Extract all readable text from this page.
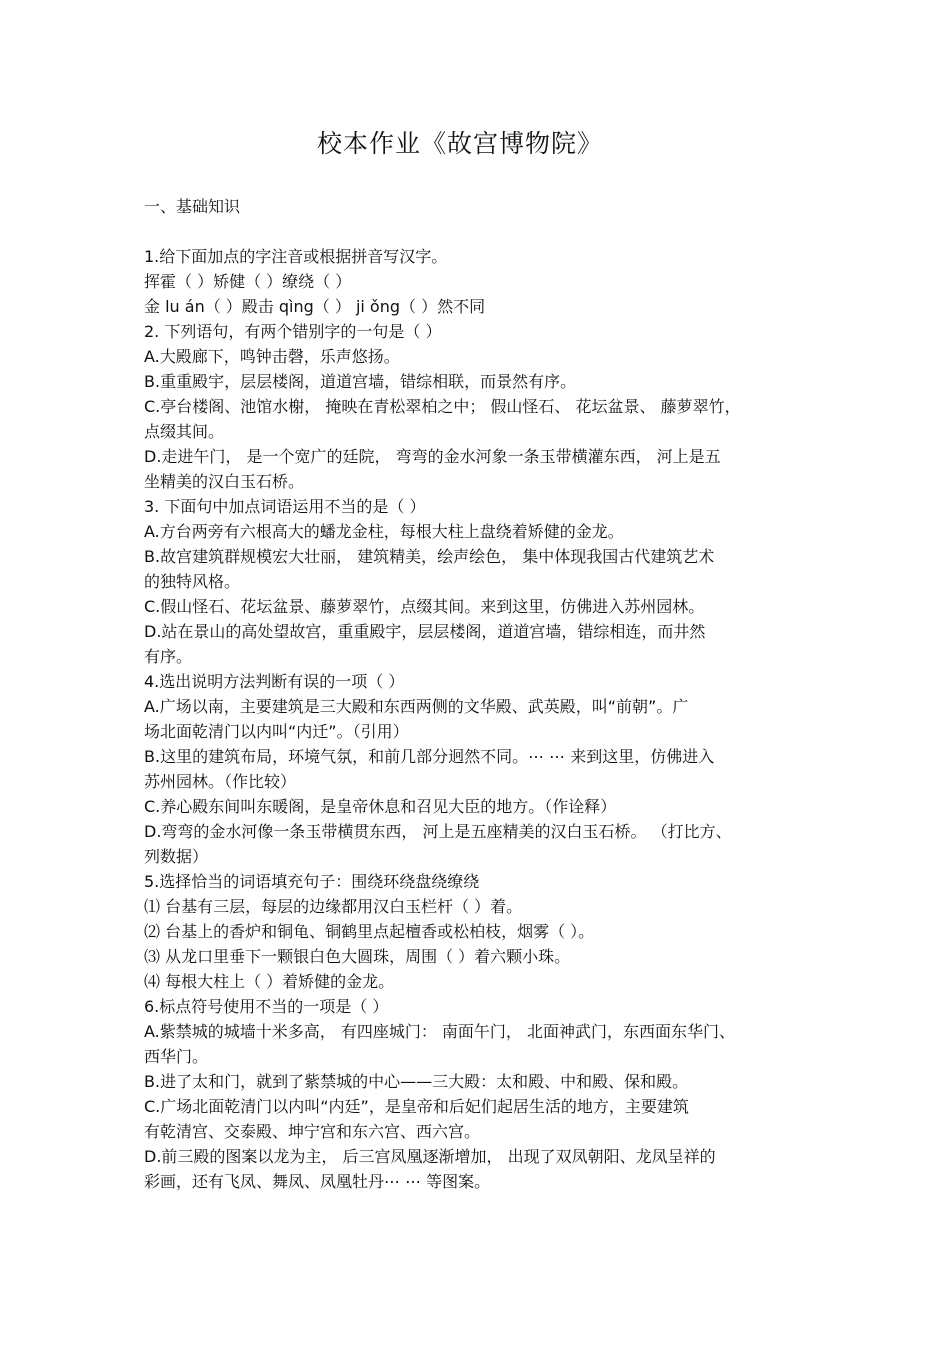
校本作业《故宫博物院》
一、基础知识
1.给下面加点的字注音或根据拼音写汉字。
挥霍（ ）矫健（ ）缭绕（ ）
金 lu án（ ）殿击 qìng（ ） ji ǒng（ ）然不同
2. 下列语句，有两个错别字的一句是（ ）
A.大殿廊下，鸣钟击磬，乐声悠扬。
B.重重殿宇，层层楼阁，道道宫墙，错综相联，而景然有序。
C.亭台楼阁、池馆水榭， 掩映在青松翠柏之中； 假山怪石、 花坛盆景、 藤萝翠竹，
点缀其间。
D.走进午门， 是一个宽广的廷院， 弯弯的金水河象一条玉带横灌东西， 河上是五
坐精美的汉白玉石桥。
3. 下面句中加点词语运用不当的是（ ）
A.方台两旁有六根高大的蟠龙金柱，每根大柱上盘绕着矫健的金龙。
B.故宫建筑群规模宏大壮丽， 建筑精美，绘声绘色， 集中体现我国古代建筑艺术
的独特风格。
C.假山怪石、花坛盆景、藤萝翠竹，点缀其间。来到这里，仿佛进入苏州园林。
D.站在景山的高处望故宫，重重殿宇，层层楼阁，道道宫墙，错综相连，而井然
有序。
4.选出说明方法判断有误的一项（ ）
A.广场以南，主要建筑是三大殿和东西两侧的文华殿、武英殿，叫“前朝”。广
场北面乾清门以内叫“内迁”。（引用）
B.这里的建筑布局，环境气氛，和前几部分迥然不同。⋯ ⋯ 来到这里，仿佛进入
苏州园林。（作比较）
C.养心殿东间叫东暖阁，是皇帝休息和召见大臣的地方。（作诠释）
D.弯弯的金水河像一条玉带横贯东西， 河上是五座精美的汉白玉石桥。 （打比方、
列数据）
5.选择恰当的词语填充句子：围绕环绕盘绕缭绕
⑴ 台基有三层，每层的边缘都用汉白玉栏杆（ ）着。
⑵ 台基上的香炉和铜龟、铜鹤里点起檀香或松柏枝，烟雾（ ）。
⑶ 从龙口里垂下一颗银白色大圆珠，周围（ ）着六颗小珠。
⑷ 每根大柱上（ ）着矫健的金龙。
6.标点符号使用不当的一项是（ ）
A.紫禁城的城墙十米多高， 有四座城门： 南面午门， 北面神武门，东西面东华门、
西华门。
B.进了太和门，就到了紫禁城的中心——三大殿：太和殿、中和殿、保和殿。
C.广场北面乾清门以内叫“内廷”，是皇帝和后妃们起居生活的地方，主要建筑
有乾清宫、交泰殿、坤宁宫和东六宫、西六宫。
D.前三殿的图案以龙为主， 后三宫凤凰逐渐增加， 出现了双凤朝阳、龙凤呈祥的
彩画，还有飞凤、舞凤、凤凰牡丹⋯ ⋯ 等图案。
